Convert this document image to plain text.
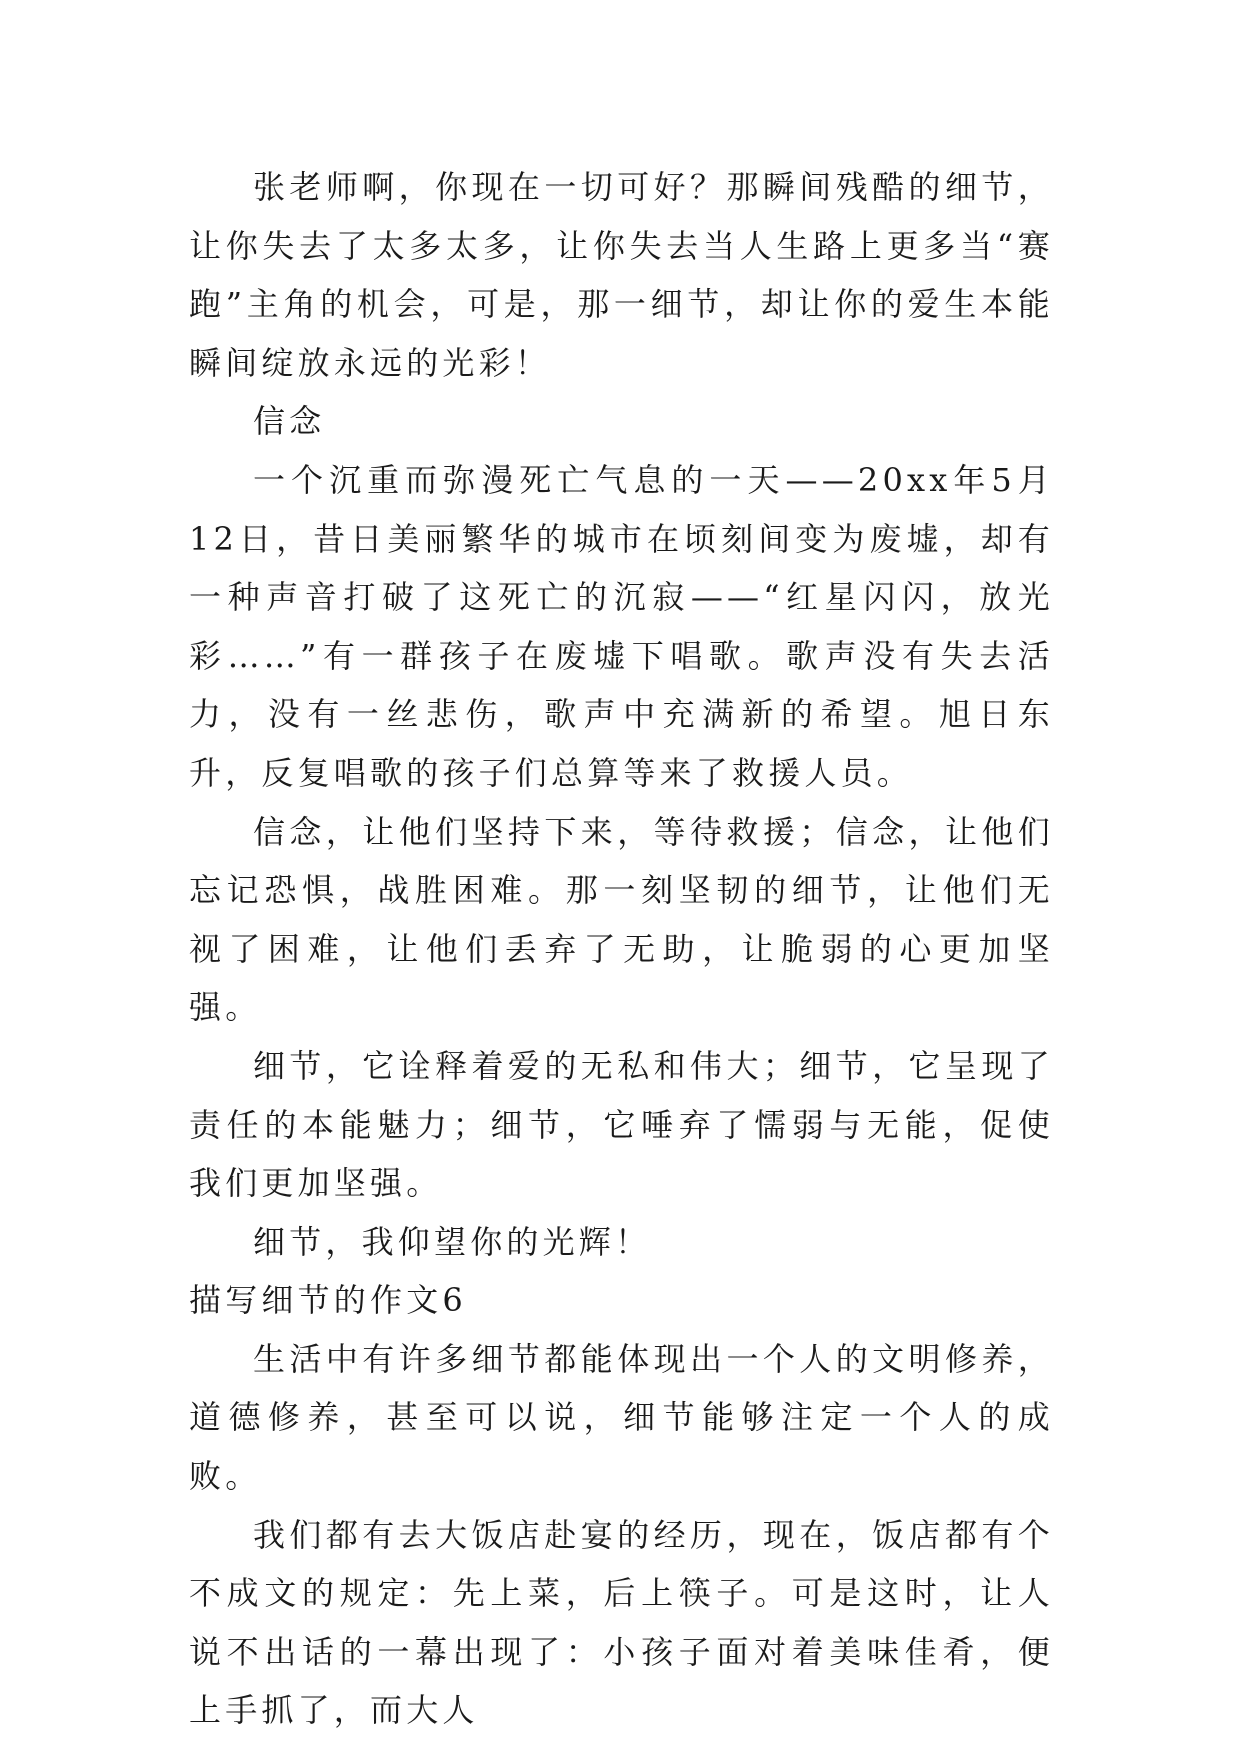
张老师啊，你现在一切可好？那瞬间残酷的细节，让你失去了太多太多，让你失去当人生路上更多当“赛跑”主角的机会，可是，那一细节，却让你的爱生本能瞬间绽放永远的光彩！

信念

一个沉重而弥漫死亡气息的一天——20xx年5月12日，昔日美丽繁华的城市在顷刻间变为废墟，却有一种声音打破了这死亡的沉寂——“红星闪闪，放光彩……”有一群孩子在废墟下唱歌。歌声没有失去活力，没有一丝悲伤，歌声中充满新的希望。旭日东升，反复唱歌的孩子们总算等来了救援人员。

信念，让他们坚持下来，等待救援；信念，让他们忘记恐惧，战胜困难。那一刻坚韧的细节，让他们无视了困难，让他们丢弃了无助，让脆弱的心更加坚强。

细节，它诠释着爱的无私和伟大；细节，它呈现了责任的本能魅力；细节，它唾弃了懦弱与无能，促使我们更加坚强。

细节，我仰望你的光辉！

描写细节的作文6

生活中有许多细节都能体现出一个人的文明修养，道德修养，甚至可以说，细节能够注定一个人的成败。

我们都有去大饭店赴宴的经历，现在，饭店都有个不成文的规定：先上菜，后上筷子。可是这时，让人说不出话的一幕出现了：小孩子面对着美味佳肴，便上手抓了，而大人
